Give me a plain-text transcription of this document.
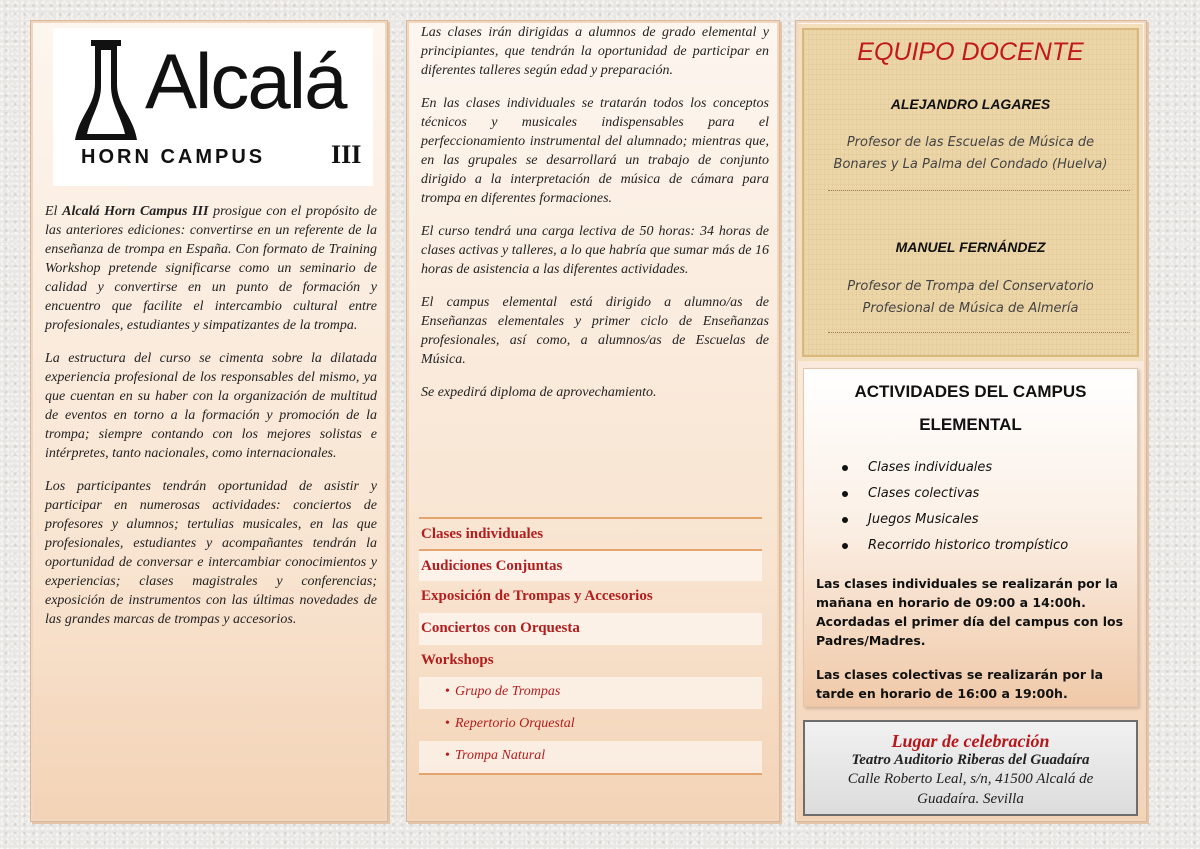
Alcalá
HORN CAMPUS	III

El Alcalá Horn Campus III prosigue con el propósito de las anteriores ediciones: convertirse en un referente de la enseñanza de trompa en España. Con formato de Training Workshop pretende significarse como un seminario de calidad y convertirse en un punto de formación y encuentro que facilite el intercambio cultural entre profesionales, estudiantes y simpatizantes de la trompa.

La estructura del curso se cimenta sobre la dilatada experiencia profesional de los responsables del mismo, ya que cuentan en su haber con la organización de multitud de eventos en torno a la formación y promoción de la trompa; siempre contando con los mejores solistas e intérpretes, tanto nacionales, como internacionales.

Los participantes tendrán oportunidad de asistir y participar en numerosas actividades: conciertos de profesores y alumnos; tertulias musicales, en las que profesionales, estudiantes y acompañantes tendrán la oportunidad de conversar e intercambiar conocimientos y experiencias; clases magistrales y conferencias; exposición de instrumentos con las últimas novedades de las grandes marcas de trompas y accesorios.

Las clases irán dirigidas a alumnos de grado elemental y principiantes, que tendrán la oportunidad de participar en diferentes talleres según edad y preparación.

En las clases individuales se tratarán todos los conceptos técnicos y musicales indispensables para el perfeccionamiento instrumental del alumnado; mientras que, en las grupales se desarrollará un trabajo de conjunto dirigido a la interpretación de música de cámara para trompa en diferentes formaciones.

El curso tendrá una carga lectiva de 50 horas: 34 horas de clases activas y talleres, a lo que habría que sumar más de 16 horas de asistencia a las diferentes actividades.

El campus elemental está dirigido a alumno/as de Enseñanzas elementales y primer ciclo de Enseñanzas profesionales, así como, a alumnos/as de Escuelas de Música.

Se expedirá diploma de aprovechamiento.

Clases individuales
Audiciones Conjuntas
Exposición de Trompas y Accesorios
Conciertos con Orquesta
Workshops
• Grupo de Trompas
• Repertorio Orquestal
• Trompa Natural
EQUIPO DOCENTE
ALEJANDRO LAGARES
Profesor de las Escuelas de Música de
Bonares y La Palma del Condado (Huelva)
MANUEL FERNÁNDEZ
Profesor de Trompa del Conservatorio
Profesional de Música de Almería
ACTIVIDADES DEL CAMPUS
ELEMENTAL
Clases individuales
Clases colectivas
Juegos Musicales
Recorrido historico trompístico
Las clases individuales se realizarán por la mañana en horario de 09:00 a 14:00h. Acordadas el primer día del campus con los Padres/Madres.
Las clases colectivas se realizarán por la tarde en horario de 16:00 a 19:00h.
Lugar de celebración
Teatro Auditorio Riberas del Guadaíra
Calle Roberto Leal, s/n, 41500 Alcalá de
Guadaíra. Sevilla
